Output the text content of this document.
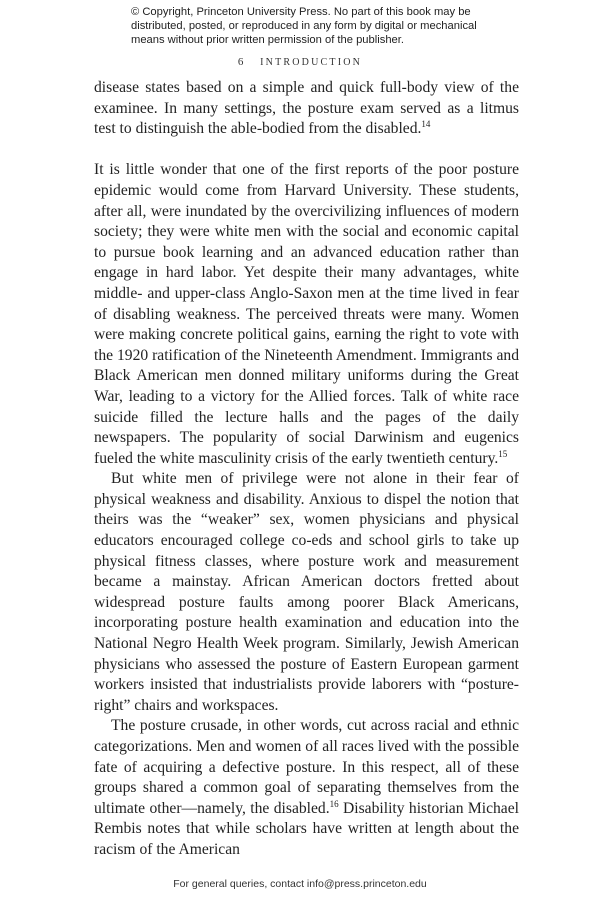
© Copyright, Princeton University Press. No part of this book may be distributed, posted, or reproduced in any form by digital or mechanical means without prior written permission of the publisher.
6 INTRODUCTION

disease states based on a simple and quick full-body view of the examinee. In many settings, the posture exam served as a litmus test to distinguish the able-bodied from the disabled.$^{14}$

It is little wonder that one of the first reports of the poor posture epidemic would come from Harvard University. These students, after all, were inundated by the overcivilizing influences of modern society; they were white men with the social and economic capital to pursue book learning and an advanced education rather than engage in hard labor. Yet despite their many advantages, white middle- and upper-class Anglo-Saxon men at the time lived in fear of disabling weakness. The perceived threats were many. Women were making concrete political gains, earning the right to vote with the 1920 ratification of the Nineteenth Amendment. Immigrants and Black American men donned military uniforms during the Great War, leading to a victory for the Allied forces. Talk of white race suicide filled the lecture halls and the pages of the daily newspapers. The popularity of social Darwinism and eugenics fueled the white masculinity crisis of the early twentieth century.$^{15}$

But white men of privilege were not alone in their fear of physical weakness and disability. Anxious to dispel the notion that theirs was the “weaker” sex, women physicians and physical educators encouraged college co-eds and school girls to take up physical fitness classes, where posture work and measurement became a mainstay. African American doctors fretted about widespread posture faults among poorer Black Americans, incorporating posture health examination and education into the National Negro Health Week program. Similarly, Jewish American physicians who assessed the posture of Eastern European garment workers insisted that industrialists provide laborers with “posture-right” chairs and workspaces.

The posture crusade, in other words, cut across racial and ethnic categorizations. Men and women of all races lived with the possible fate of acquiring a defective posture. In this respect, all of these groups shared a common goal of separating themselves from the ultimate other—namely, the disabled.$^{16}$ Disability historian Michael Rembis notes that while scholars have written at length about the racism of the American

For general queries, contact info@press.princeton.edu
